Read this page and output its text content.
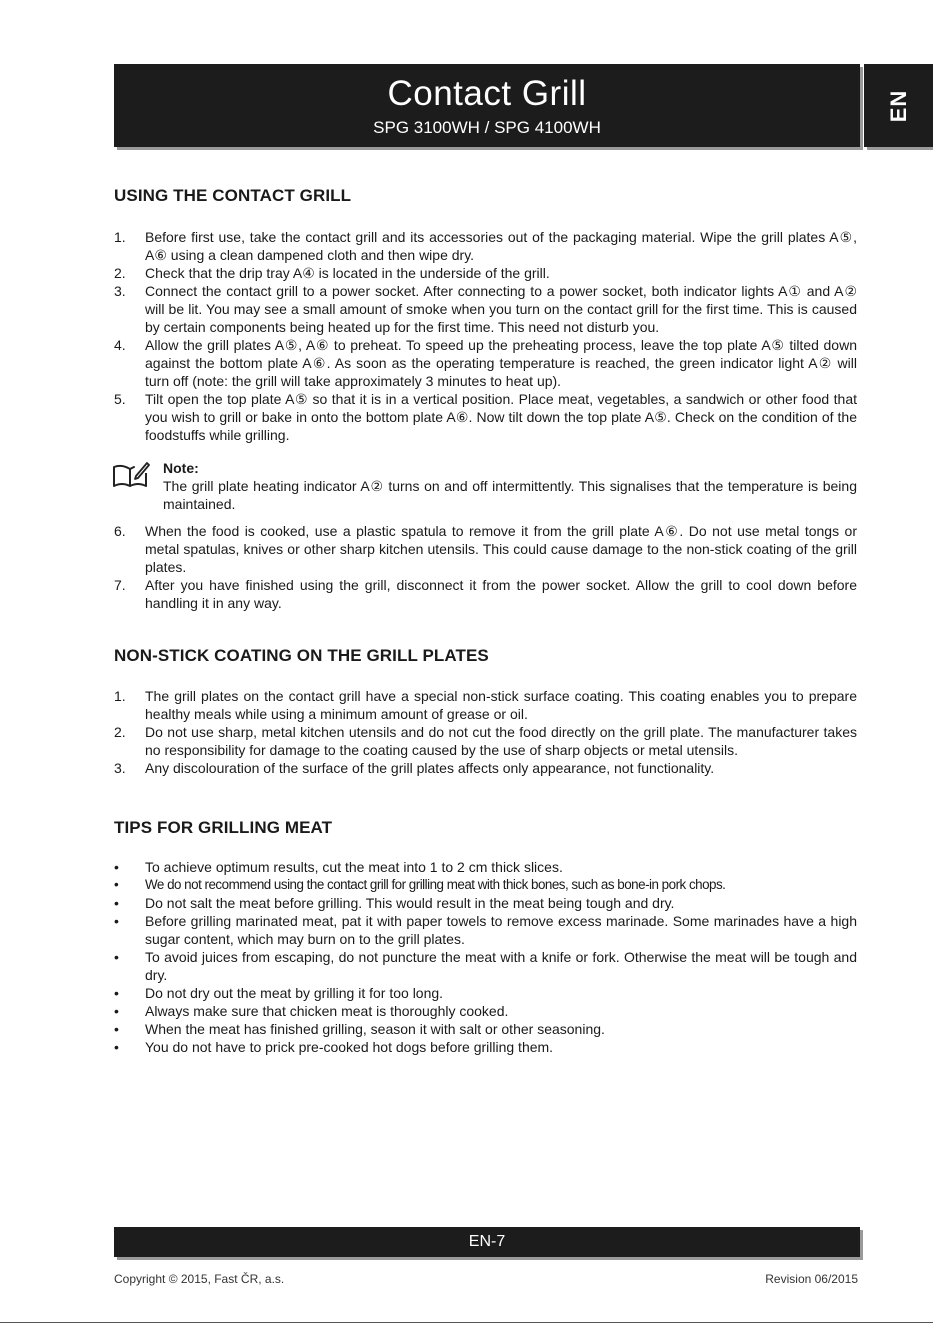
Contact Grill
SPG 3100WH / SPG 4100WH
EN
USING THE CONTACT GRILL
1. Before first use, take the contact grill and its accessories out of the packaging material. Wipe the grill plates A⑤, A⑥ using a clean dampened cloth and then wipe dry.
2. Check that the drip tray A④ is located in the underside of the grill.
3. Connect the contact grill to a power socket. After connecting to a power socket, both indicator lights A① and A② will be lit. You may see a small amount of smoke when you turn on the contact grill for the first time. This is caused by certain components being heated up for the first time. This need not disturb you.
4. Allow the grill plates A⑤, A⑥ to preheat. To speed up the preheating process, leave the top plate A⑤ tilted down against the bottom plate A⑥. As soon as the operating temperature is reached, the green indicator light A② will turn off (note: the grill will take approximately 3 minutes to heat up).
5. Tilt open the top plate A⑤ so that it is in a vertical position. Place meat, vegetables, a sandwich or other food that you wish to grill or bake in onto the bottom plate A⑥. Now tilt down the top plate A⑤. Check on the condition of the foodstuffs while grilling.
Note:
The grill plate heating indicator A② turns on and off intermittently. This signalises that the temperature is being maintained.
6. When the food is cooked, use a plastic spatula to remove it from the grill plate A⑥. Do not use metal tongs or metal spatulas, knives or other sharp kitchen utensils. This could cause damage to the non-stick coating of the grill plates.
7. After you have finished using the grill, disconnect it from the power socket. Allow the grill to cool down before handling it in any way.
NON-STICK COATING ON THE GRILL PLATES
1. The grill plates on the contact grill have a special non-stick surface coating. This coating enables you to prepare healthy meals while using a minimum amount of grease or oil.
2. Do not use sharp, metal kitchen utensils and do not cut the food directly on the grill plate. The manufacturer takes no responsibility for damage to the coating caused by the use of sharp objects or metal utensils.
3. Any discolouration of the surface of the grill plates affects only appearance, not functionality.
TIPS FOR GRILLING MEAT
• To achieve optimum results, cut the meat into 1 to 2 cm thick slices.
• We do not recommend using the contact grill for grilling meat with thick bones, such as bone-in pork chops.
• Do not salt the meat before grilling. This would result in the meat being tough and dry.
• Before grilling marinated meat, pat it with paper towels to remove excess marinade. Some marinades have a high sugar content, which may burn on to the grill plates.
• To avoid juices from escaping, do not puncture the meat with a knife or fork. Otherwise the meat will be tough and dry.
• Do not dry out the meat by grilling it for too long.
• Always make sure that chicken meat is thoroughly cooked.
• When the meat has finished grilling, season it with salt or other seasoning.
• You do not have to prick pre-cooked hot dogs before grilling them.
EN-7
Copyright © 2015, Fast ČR, a.s.	Revision 06/2015
